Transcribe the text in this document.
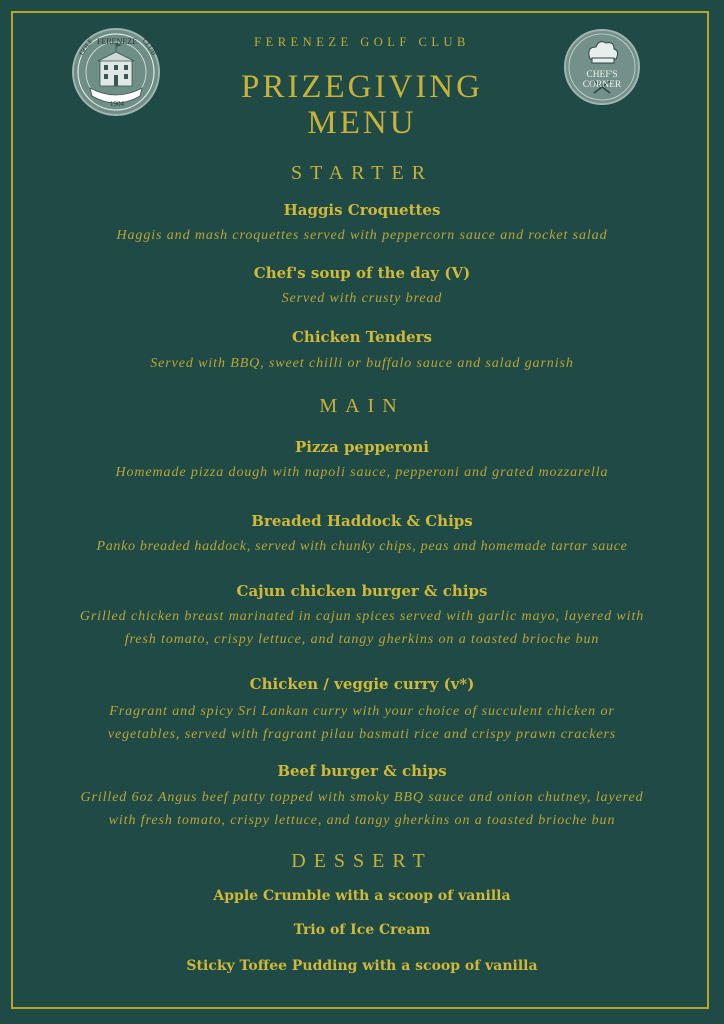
FERENEZE
GOLF	CLUB
1904
CHEF'S CORNER
FERENEZE GOLF CLUB
PRIZEGIVING
MENU
STARTER
Haggis Croquettes
Haggis and mash croquettes served with peppercorn sauce and rocket salad
Chef's soup of the day (V)
Served with crusty bread
Chicken Tenders
Served with BBQ, sweet chilli or buffalo sauce and salad garnish
MAIN
Pizza pepperoni
Homemade pizza dough with napoli sauce, pepperoni and grated mozzarella
Breaded Haddock & Chips
Panko breaded haddock, served with chunky chips, peas and homemade tartar sauce
Cajun chicken burger & chips
Grilled chicken breast marinated in cajun spices served with garlic mayo, layered with
fresh tomato, crispy lettuce, and tangy gherkins on a toasted brioche bun
Chicken / veggie curry (v*)
Fragrant and spicy Sri Lankan curry with your choice of succulent chicken or
vegetables, served with fragrant pilau basmati rice and crispy prawn crackers
Beef burger & chips
Grilled 6oz Angus beef patty topped with smoky BBQ sauce and onion chutney, layered
with fresh tomato, crispy lettuce, and tangy gherkins on a toasted brioche bun
DESSERT
Apple Crumble with a scoop of vanilla
Trio of Ice Cream
Sticky Toffee Pudding with a scoop of vanilla
